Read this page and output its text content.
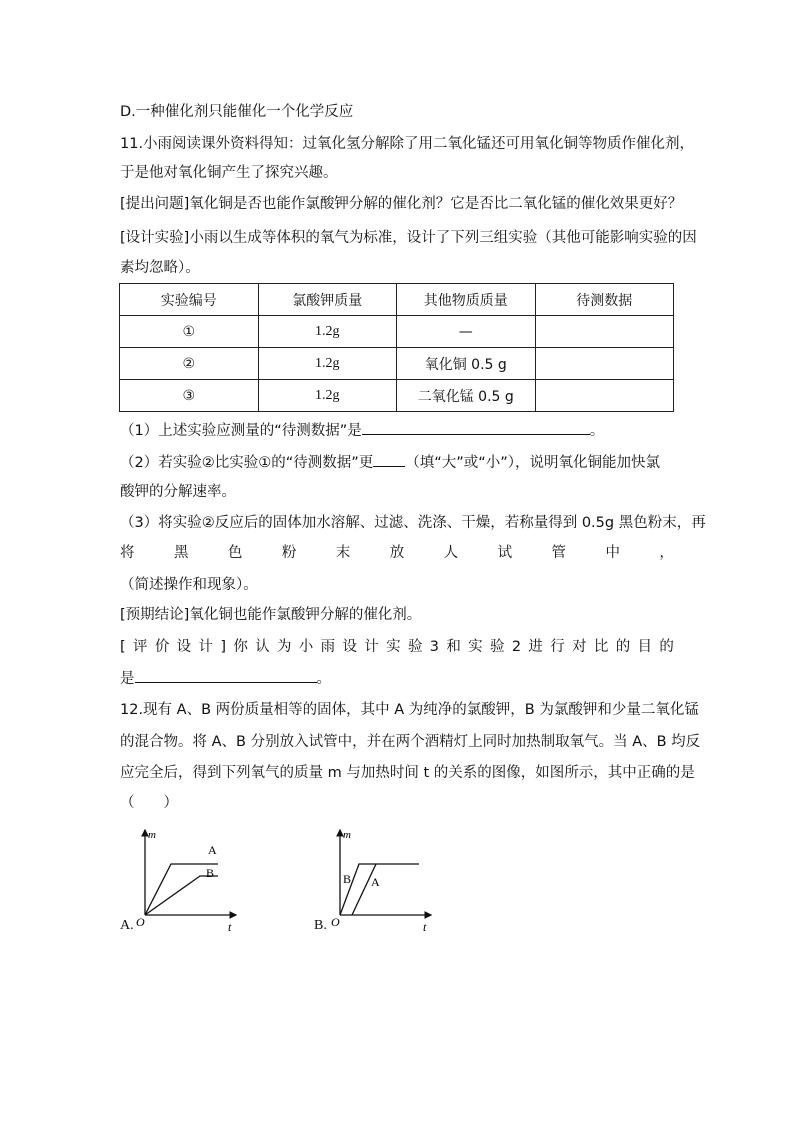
D.一种催化剂只能催化一个化学反应
11.小雨阅读课外资料得知：过氧化氢分解除了用二氧化锰还可用氧化铜等物质作催化剂，
于是他对氧化铜产生了探究兴趣。
[提出问题]氧化铜是否也能作氯酸钾分解的催化剂？它是否比二氧化锰的催化效果更好？
[设计实验]小雨以生成等体积的氧气为标准，设计了下列三组实验（其他可能影响实验的因
素均忽略）。
实验编号	氯酸钾质量	其他物质质量	待测数据
①	1.2g	—	
②	1.2g	氧化铜 0.5 g	
③	1.2g	二氧化锰 0.5 g	
（1）上述实验应测量的“待测数据”是	。
（2）若实验②比实验①的“待测数据”更 （填“大”或“小”），说明氧化铜能加快氯
酸钾的分解速率。
（3）将实验②反应后的固体加水溶解、过滤、洗涤、干燥，若称量得到 0.5g 黑色粉末，再
将	黑	色	粉	末	放	人	试	管	中	，
（简述操作和现象）。
[预期结论]氧化铜也能作氯酸钾分解的催化剂。
[ 评 价 设 计 ] 你 认 为 小 雨 设 计 实 验 3 和 实 验 2 进 行 对 比 的 目 的
是	。
12.现有 A、B 两份质量相等的固体，其中 A 为纯净的氯酸钾，B 为氯酸钾和少量二氧化锰
的混合物。将 A、B 分别放入试管中，并在两个酒精灯上同时加热制取氧气。当 A、B 均反
应完全后，得到下列氧气的质量 m 与加热时间 t 的关系的图像，如图所示，其中正确的是
（　　）
A.
m
t
O
A
B
B.
m
t
O
B A
